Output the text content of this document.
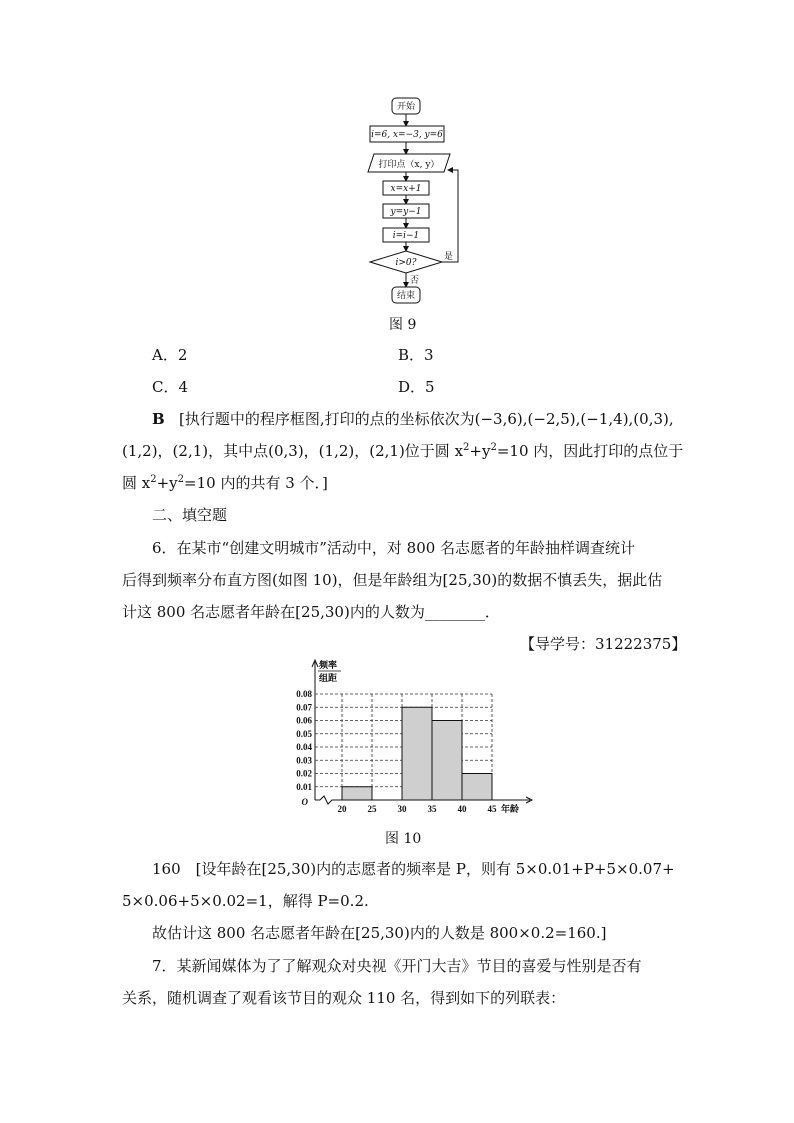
开始
i=6, x=−3, y=6
打印点（x, y）
x=x+1
y=y−1
i=i−1
i>0?
是
否
结束
图 9
A．2	B．3
C．4	D．5
B [执行题中的程序框图,打印的点的坐标依次为(−3,6),(−2,5),(−1,4),(0,3),
(1,2)，(2,1)，其中点(0,3)，(1,2)，(2,1)位于圆 $x^2+y^2=10$ 内，因此打印的点位于
圆 $x^2+y^2=10$ 内的共有 3 个．]
二、填空题
6．在某市“创建文明城市”活动中，对 800 名志愿者的年龄抽样调查统计
后得到频率分布直方图(如图 10)，但是年龄组为[25,30)的数据不慎丢失，据此估
计这 800 名志愿者年龄在[25,30)内的人数为________．
【导学号：31222375】
0.01
0.02
0.03
0.04
0.05
0.06
0.07
0.08
20 25 30 35 40 45
O
频率
组距
年龄
图 10
160　[设年龄在[25,30)内的志愿者的频率是 P，则有 5×0.01+P+5×0.07+
5×0.06+5×0.02=1，解得 P=0.2.
故估计这 800 名志愿者年龄在[25,30)内的人数是 800×0.2=160.]
7．某新闻媒体为了了解观众对央视《开门大吉》节目的喜爱与性别是否有
关系，随机调查了观看该节目的观众 110 名，得到如下的列联表：
